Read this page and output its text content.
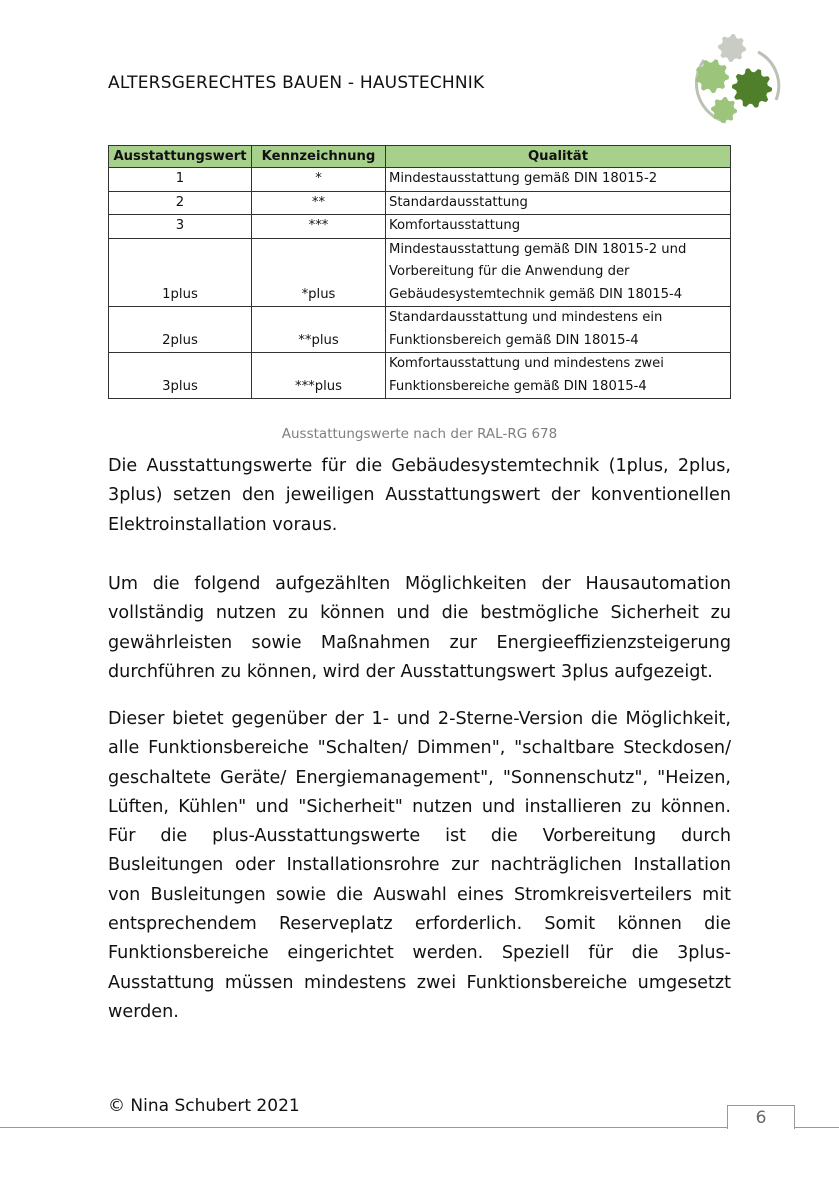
ALTERSGERECHTES BAUEN - HAUSTECHNIK
Ausstattungswert	Kennzeichnung	Qualität
1	*	Mindestausstattung gemäß DIN 18015-2

2	**	Standardausstattung

3	***	Komfortausstattung

1plus	*plus	Mindestausstattung gemäß DIN 18015-2 und
Vorbereitung für die Anwendung der
Gebäudesystemtechnik gemäß DIN 18015-4

2plus	**plus	Standardausstattung und mindestens ein
Funktionsbereich gemäß DIN 18015-4

3plus	***plus	Komfortausstattung und mindestens zwei
Funktionsbereiche gemäß DIN 18015-4
Ausstattungswerte nach der RAL-RG 678

Die Ausstattungswerte für die Gebäudesystemtechnik (1plus, 2plus, 3plus) setzen den jeweiligen Ausstattungswert der konventionellen Elektroinstallation voraus.

Um die folgend aufgezählten Möglichkeiten der Hausautomation vollständig nutzen zu können und die bestmögliche Sicherheit zu gewährleisten sowie Maßnahmen zur Energieeffizienzsteigerung durchführen zu können, wird der Ausstattungswert 3plus aufgezeigt.

Dieser bietet gegenüber der 1- und 2-Sterne-Version die Möglichkeit, alle Funktionsbereiche "Schalten/ Dimmen", "schaltbare Steckdosen/ geschaltete Geräte/ Energiemanagement", "Sonnenschutz", "Heizen, Lüften, Kühlen" und "Sicherheit" nutzen und installieren zu können. Für die plus-Ausstattungswerte ist die Vorbereitung durch Busleitungen oder Installationsrohre zur nachträglichen Installation von Busleitungen sowie die Auswahl eines Stromkreisverteilers mit entsprechendem Reserveplatz erforderlich. Somit können die Funktionsbereiche eingerichtet werden. Speziell für die 3plus-Ausstattung müssen mindestens zwei Funktionsbereiche umgesetzt werden.

© Nina Schubert 2021
6
